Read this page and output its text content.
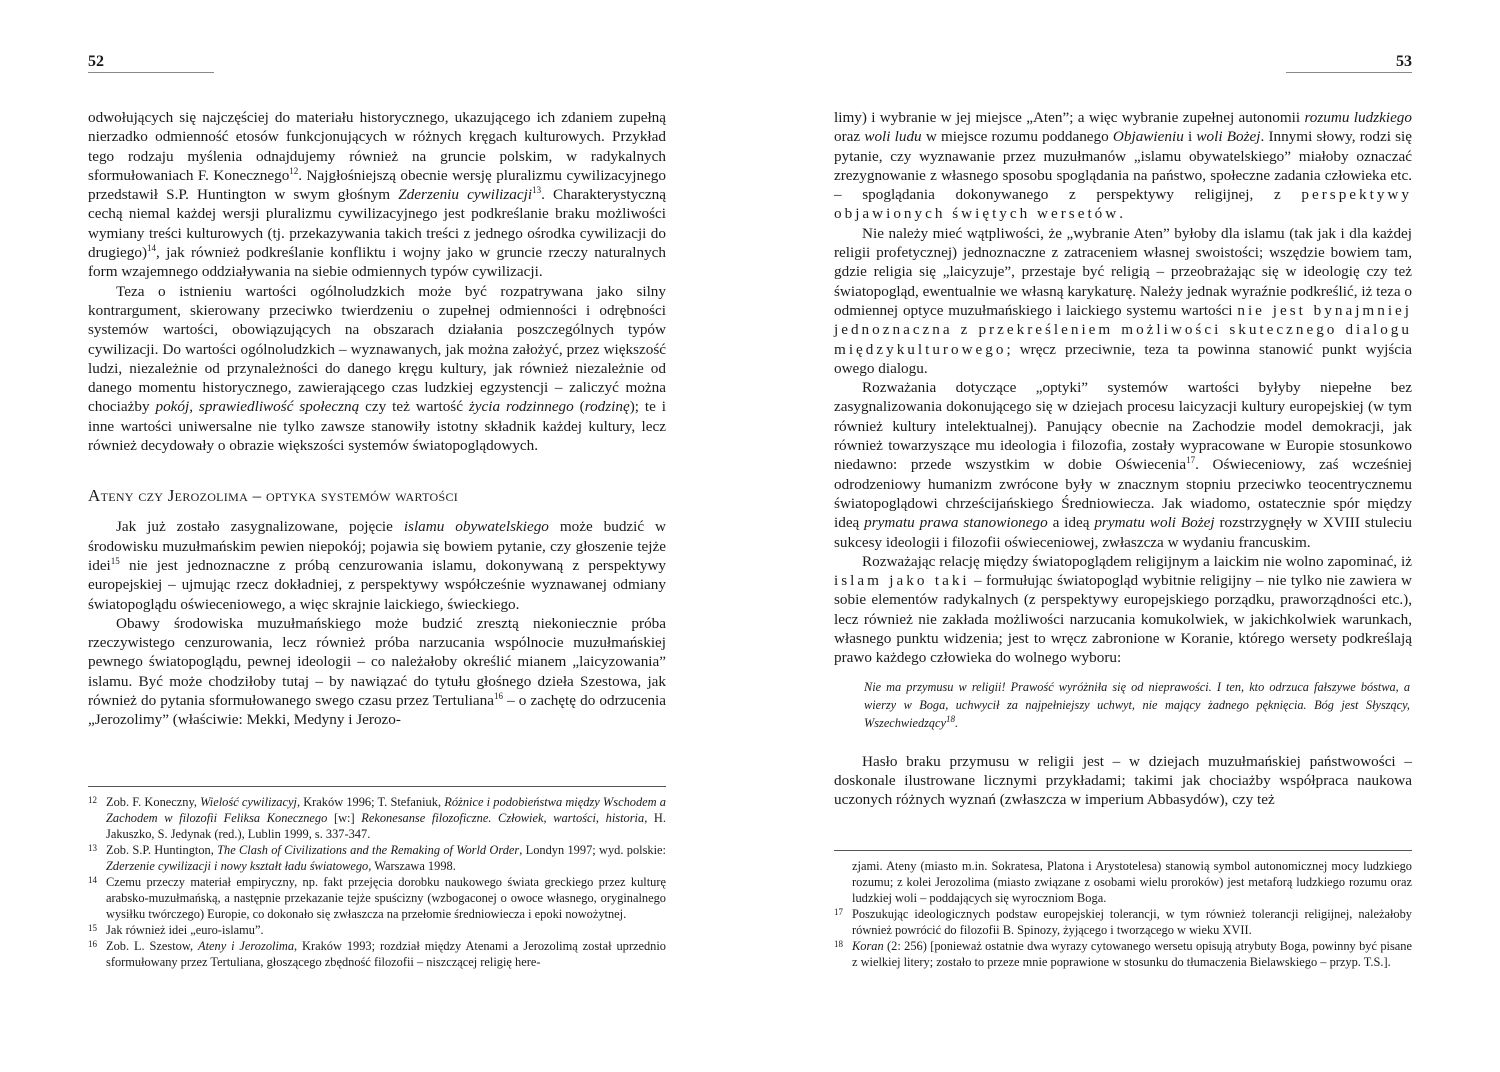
52

odwołujących się najczęściej do materiału historycznego, ukazującego ich zdaniem zupełną nierzadko odmienność etosów funkcjonujących w różnych kręgach kulturowych. Przykład tego rodzaju myślenia odnajdujemy również na gruncie polskim, w radykalnych sformułowaniach F. Konecznego$^{12}$. Najgłośniejszą obecnie wersję pluralizmu cywilizacyjnego przedstawił S.P. Huntington w swym głośnym Zderzeniu cywilizacji$^{13}$. Charakterystyczną cechą niemal każdej wersji pluralizmu cywilizacyjnego jest podkreślanie braku możliwości wymiany treści kulturowych (tj. przekazywania takich treści z jednego ośrodka cywilizacji do drugiego)$^{14}$, jak również podkreślanie konfliktu i wojny jako w gruncie rzeczy naturalnych form wzajemnego oddziaływania na siebie odmiennych typów cywilizacji.

Teza o istnieniu wartości ogólnoludzkich może być rozpatrywana jako silny kontrargument, skierowany przeciwko twierdzeniu o zupełnej odmienności i odrębności systemów wartości, obowiązujących na obszarach działania poszczególnych typów cywilizacji. Do wartości ogólnoludzkich – wyznawanych, jak można założyć, przez większość ludzi, niezależnie od przynależności do danego kręgu kultury, jak również niezależnie od danego momentu historycznego, zawierającego czas ludzkiej egzystencji – zaliczyć można chociażby pokój, sprawiedliwość społeczną czy też wartość życia rodzinnego (rodzinę); te i inne wartości uniwersalne nie tylko zawsze stanowiły istotny składnik każdej kultury, lecz również decydowały o obrazie większości systemów światopoglądowych.

Ateny czy Jerozolima – optyka systemów wartości

Jak już zostało zasygnalizowane, pojęcie islamu obywatelskiego może budzić w środowisku muzułmańskim pewien niepokój; pojawia się bowiem pytanie, czy głoszenie tejże idei$^{15}$ nie jest jednoznaczne z próbą cenzurowania islamu, dokonywaną z perspektywy europejskiej – ujmując rzecz dokładniej, z perspektywy współcześnie wyznawanej odmiany światopoglądu oświeceniowego, a więc skrajnie laickiego, świeckiego.

Obawy środowiska muzułmańskiego może budzić zresztą niekoniecznie próba rzeczywistego cenzurowania, lecz również próba narzucania wspólnocie muzułmańskiej pewnego światopoglądu, pewnej ideologii – co należałoby określić mianem „laicyzowania” islamu. Być może chodziłoby tutaj – by nawiązać do tytułu głośnego dzieła Szestowa, jak również do pytania sformułowanego swego czasu przez Tertuliana$^{16}$ – o zachętę do odrzucenia „Jerozolimy” (właściwie: Mekki, Medyny i Jerozo-

12 Zob. F. Koneczny, Wielość cywilizacyj, Kraków 1996; T. Stefaniuk, Różnice i podobieństwa między Wschodem a Zachodem w filozofii Feliksa Konecznego [w:] Rekonesanse filozoficzne. Człowiek, wartości, historia, H. Jakuszko, S. Jedynak (red.), Lublin 1999, s. 337-347.

13 Zob. S.P. Huntington, The Clash of Civilizations and the Remaking of World Order, Londyn 1997; wyd. polskie: Zderzenie cywilizacji i nowy kształt ładu światowego, Warszawa 1998.

14 Czemu przeczy materiał empiryczny, np. fakt przejęcia dorobku naukowego świata greckiego przez kulturę arabsko-muzułmańską, a następnie przekazanie tejże spuścizny (wzbogaconej o owoce własnego, oryginalnego wysiłku twórczego) Europie, co dokonało się zwłaszcza na przełomie średniowiecza i epoki nowożytnej.

15 Jak również idei „euro-islamu”.

16 Zob. L. Szestow, Ateny i Jerozolima, Kraków 1993; rozdział między Atenami a Jerozolimą został uprzednio sformułowany przez Tertuliana, głoszącego zbędność filozofii – niszczącej religię here-

53

limy) i wybranie w jej miejsce „Aten”; a więc wybranie zupełnej autonomii rozumu ludzkiego oraz woli ludu w miejsce rozumu poddanego Objawieniu i woli Bożej. Innymi słowy, rodzi się pytanie, czy wyznawanie przez muzułmanów „islamu obywatelskiego” miałoby oznaczać zrezygnowanie z własnego sposobu spoglądania na państwo, społeczne zadania człowieka etc. – spoglądania dokonywanego z perspektywy religijnej, z perspektywy objawionych świętych wersetów.

Nie należy mieć wątpliwości, że „wybranie Aten” byłoby dla islamu (tak jak i dla każdej religii profetycznej) jednoznaczne z zatraceniem własnej swoistości; wszędzie bowiem tam, gdzie religia się „laicyzuje”, przestaje być religią – przeobrażając się w ideologię czy też światopogląd, ewentualnie we własną karykaturę. Należy jednak wyraźnie podkreślić, iż teza o odmiennej optyce muzułmańskiego i laickiego systemu wartości nie jest bynajmniej jednoznaczna z przekreśleniem możliwości skutecznego dialogu międzykulturowego; wręcz przeciwnie, teza ta powinna stanowić punkt wyjścia owego dialogu.

Rozważania dotyczące „optyki” systemów wartości byłyby niepełne bez zasygnalizowania dokonującego się w dziejach procesu laicyzacji kultury europejskiej (w tym również kultury intelektualnej). Panujący obecnie na Zachodzie model demokracji, jak również towarzyszące mu ideologia i filozofia, zostały wypracowane w Europie stosunkowo niedawno: przede wszystkim w dobie Oświecenia$^{17}$. Oświeceniowy, zaś wcześniej odrodzeniowy humanizm zwrócone były w znacznym stopniu przeciwko teocentrycznemu światopoglądowi chrześcijańskiego Średniowiecza. Jak wiadomo, ostatecznie spór między ideą prymatu prawa stanowionego a ideą prymatu woli Bożej rozstrzygnęły w XVIII stuleciu sukcesy ideologii i filozofii oświeceniowej, zwłaszcza w wydaniu francuskim.

Rozważając relację między światopoglądem religijnym a laickim nie wolno zapominać, iż islam jako taki – formułując światopogląd wybitnie religijny – nie tylko nie zawiera w sobie elementów radykalnych (z perspektywy europejskiego porządku, praworządności etc.), lecz również nie zakłada możliwości narzucania komukolwiek, w jakichkolwiek warunkach, własnego punktu widzenia; jest to wręcz zabronione w Koranie, którego wersety podkreślają prawo każdego człowieka do wolnego wyboru:

Nie ma przymusu w religii! Prawość wyróżniła się od nieprawości. I ten, kto odrzuca fałszywe bóstwa, a wierzy w Boga, uchwycił za najpełniejszy uchwyt, nie mający żadnego pęknięcia. Bóg jest Słyszący, Wszechwiedzący$^{18}$.

Hasło braku przymusu w religii jest – w dziejach muzułmańskiej państwowości – doskonale ilustrowane licznymi przykładami; takimi jak chociażby współpraca naukowa uczonych różnych wyznań (zwłaszcza w imperium Abbasydów), czy też

zjami. Ateny (miasto m.in. Sokratesa, Platona i Arystotelesa) stanowią symbol autonomicznej mocy ludzkiego rozumu; z kolei Jerozolima (miasto związane z osobami wielu proroków) jest metaforą ludzkiego rozumu oraz ludzkiej woli – poddających się wyroczniom Boga.

17 Poszukując ideologicznych podstaw europejskiej tolerancji, w tym również tolerancji religijnej, należałoby również powrócić do filozofii B. Spinozy, żyjącego i tworzącego w wieku XVII.

18 Koran (2: 256) [ponieważ ostatnie dwa wyrazy cytowanego wersetu opisują atrybuty Boga, powinny być pisane z wielkiej litery; zostało to przeze mnie poprawione w stosunku do tłumaczenia Bielawskiego – przyp. T.S.].
